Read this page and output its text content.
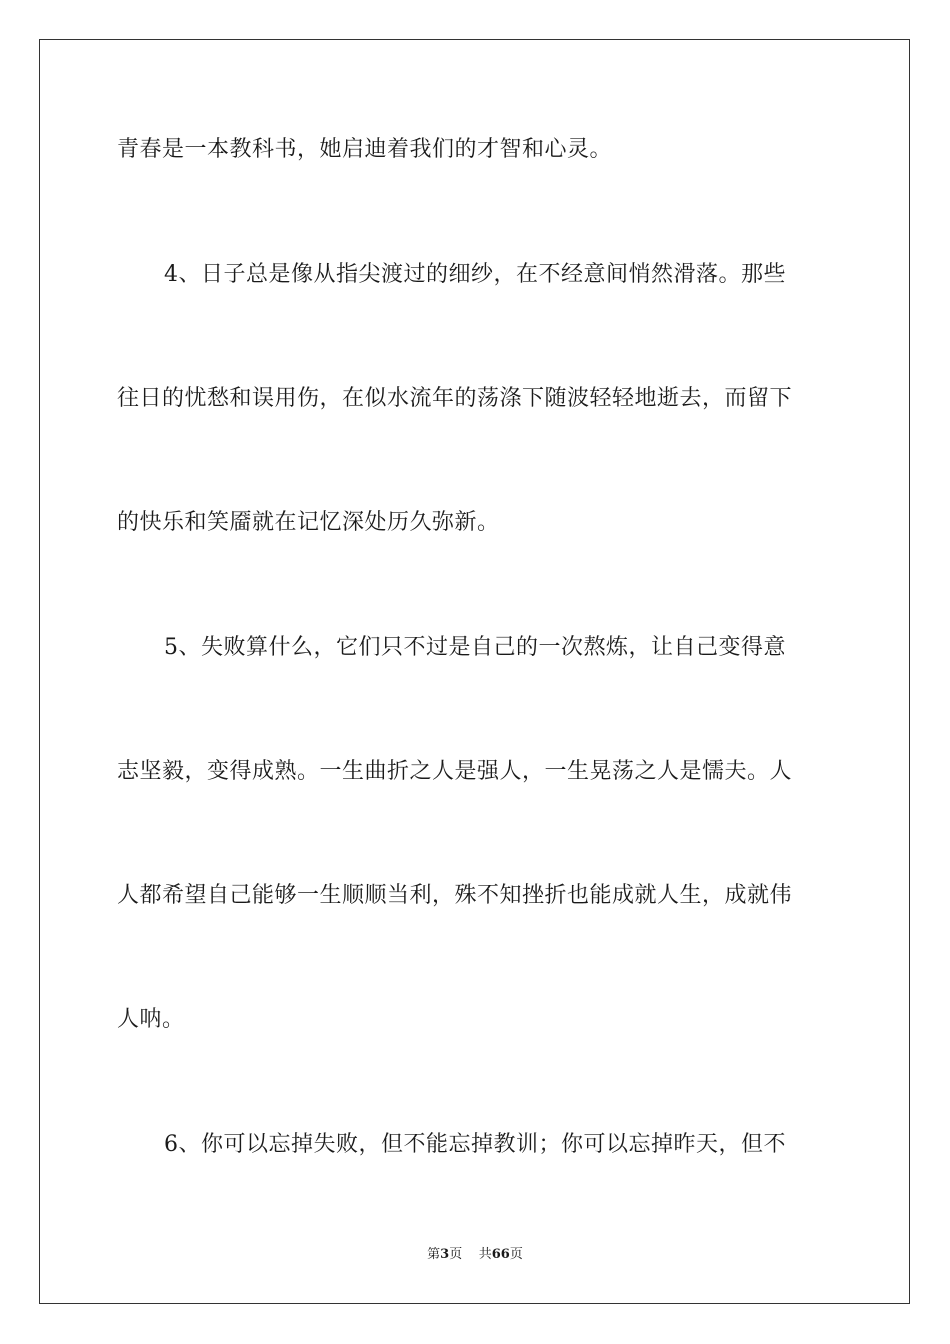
青春是一本教科书，她启迪着我们的才智和心灵。
4、日子总是像从指尖渡过的细纱，在不经意间悄然滑落。那些
往日的忧愁和误用伤，在似水流年的荡涤下随波轻轻地逝去，而留下
的快乐和笑靥就在记忆深处历久弥新。
5、失败算什么，它们只不过是自己的一次熬炼，让自己变得意
志坚毅，变得成熟。一生曲折之人是强人，一生晃荡之人是懦夫。人
人都希望自己能够一生顺顺当利，殊不知挫折也能成就人生，成就伟
人呐。
6、你可以忘掉失败，但不能忘掉教训；你可以忘掉昨天，但不
第3页 共66页
